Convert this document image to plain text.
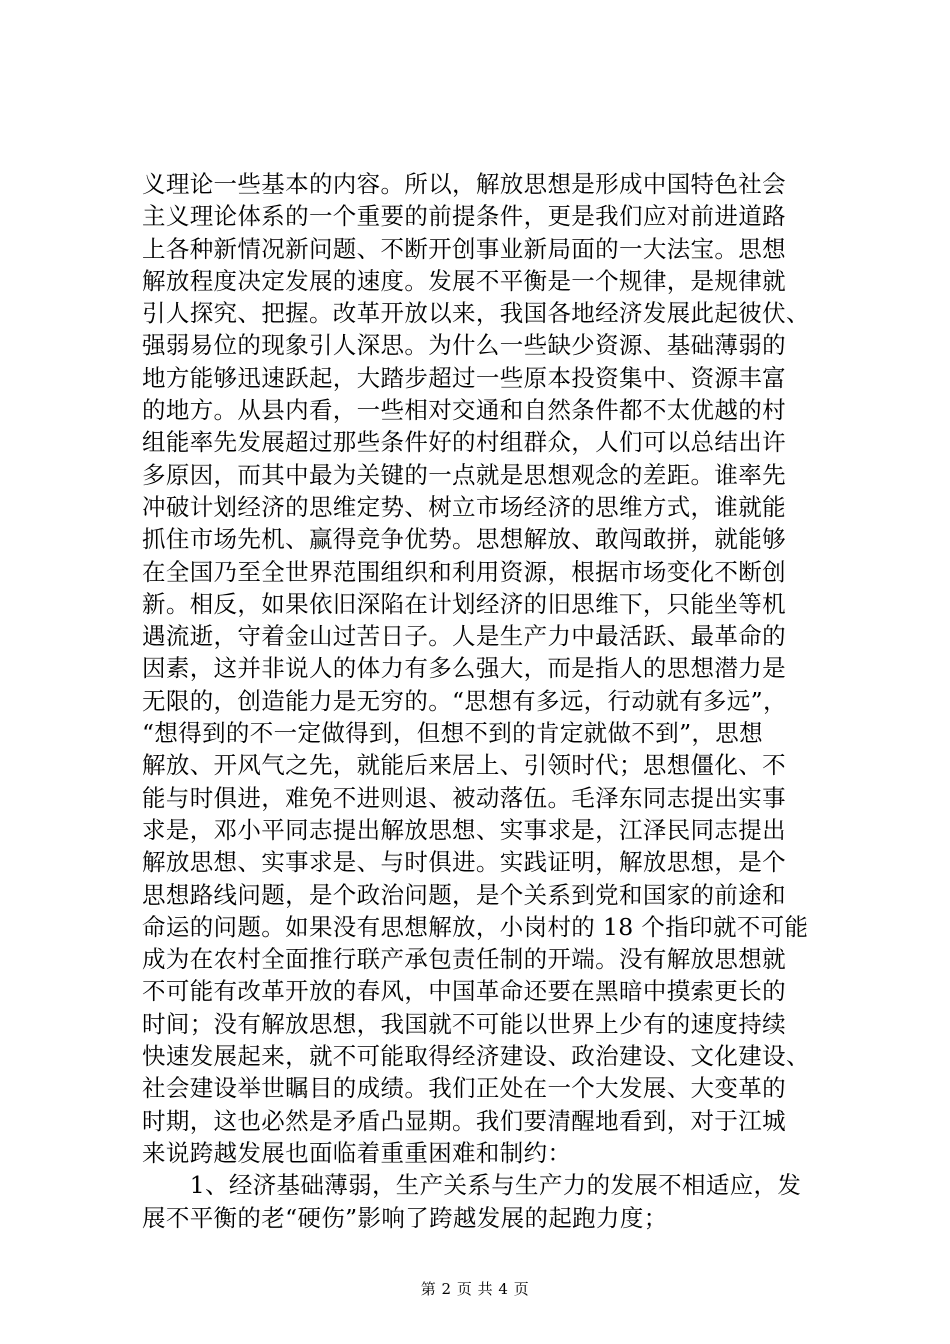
义理论一些基本的内容。所以，解放思想是形成中国特色社会
主义理论体系的一个重要的前提条件，更是我们应对前进道路
上各种新情况新问题、不断开创事业新局面的一大法宝。思想
解放程度决定发展的速度。发展不平衡是一个规律，是规律就
引人探究、把握。改革开放以来，我国各地经济发展此起彼伏、
强弱易位的现象引人深思。为什么一些缺少资源、基础薄弱的
地方能够迅速跃起，大踏步超过一些原本投资集中、资源丰富
的地方。从县内看，一些相对交通和自然条件都不太优越的村
组能率先发展超过那些条件好的村组群众，人们可以总结出许
多原因，而其中最为关键的一点就是思想观念的差距。谁率先
冲破计划经济的思维定势、树立市场经济的思维方式，谁就能
抓住市场先机、赢得竞争优势。思想解放、敢闯敢拼，就能够
在全国乃至全世界范围组织和利用资源，根据市场变化不断创
新。相反，如果依旧深陷在计划经济的旧思维下，只能坐等机
遇流逝，守着金山过苦日子。人是生产力中最活跃、最革命的
因素，这并非说人的体力有多么强大，而是指人的思想潜力是
无限的，创造能力是无穷的。“思想有多远，行动就有多远”，
“想得到的不一定做得到，但想不到的肯定就做不到”，思想
解放、开风气之先，就能后来居上、引领时代；思想僵化、不
能与时俱进，难免不进则退、被动落伍。毛泽东同志提出实事
求是，邓小平同志提出解放思想、实事求是，江泽民同志提出
解放思想、实事求是、与时俱进。实践证明，解放思想，是个
思想路线问题，是个政治问题，是个关系到党和国家的前途和
命运的问题。如果没有思想解放，小岗村的 18 个指印就不可能
成为在农村全面推行联产承包责任制的开端。没有解放思想就
不可能有改革开放的春风，中国革命还要在黑暗中摸索更长的
时间；没有解放思想，我国就不可能以世界上少有的速度持续
快速发展起来，就不可能取得经济建设、政治建设、文化建设、
社会建设举世瞩目的成绩。我们正处在一个大发展、大变革的
时期，这也必然是矛盾凸显期。我们要清醒地看到，对于江城
来说跨越发展也面临着重重困难和制约：
　　1、经济基础薄弱，生产关系与生产力的发展不相适应，发
展不平衡的老“硬伤”影响了跨越发展的起跑力度；
第 2 页 共 4 页
